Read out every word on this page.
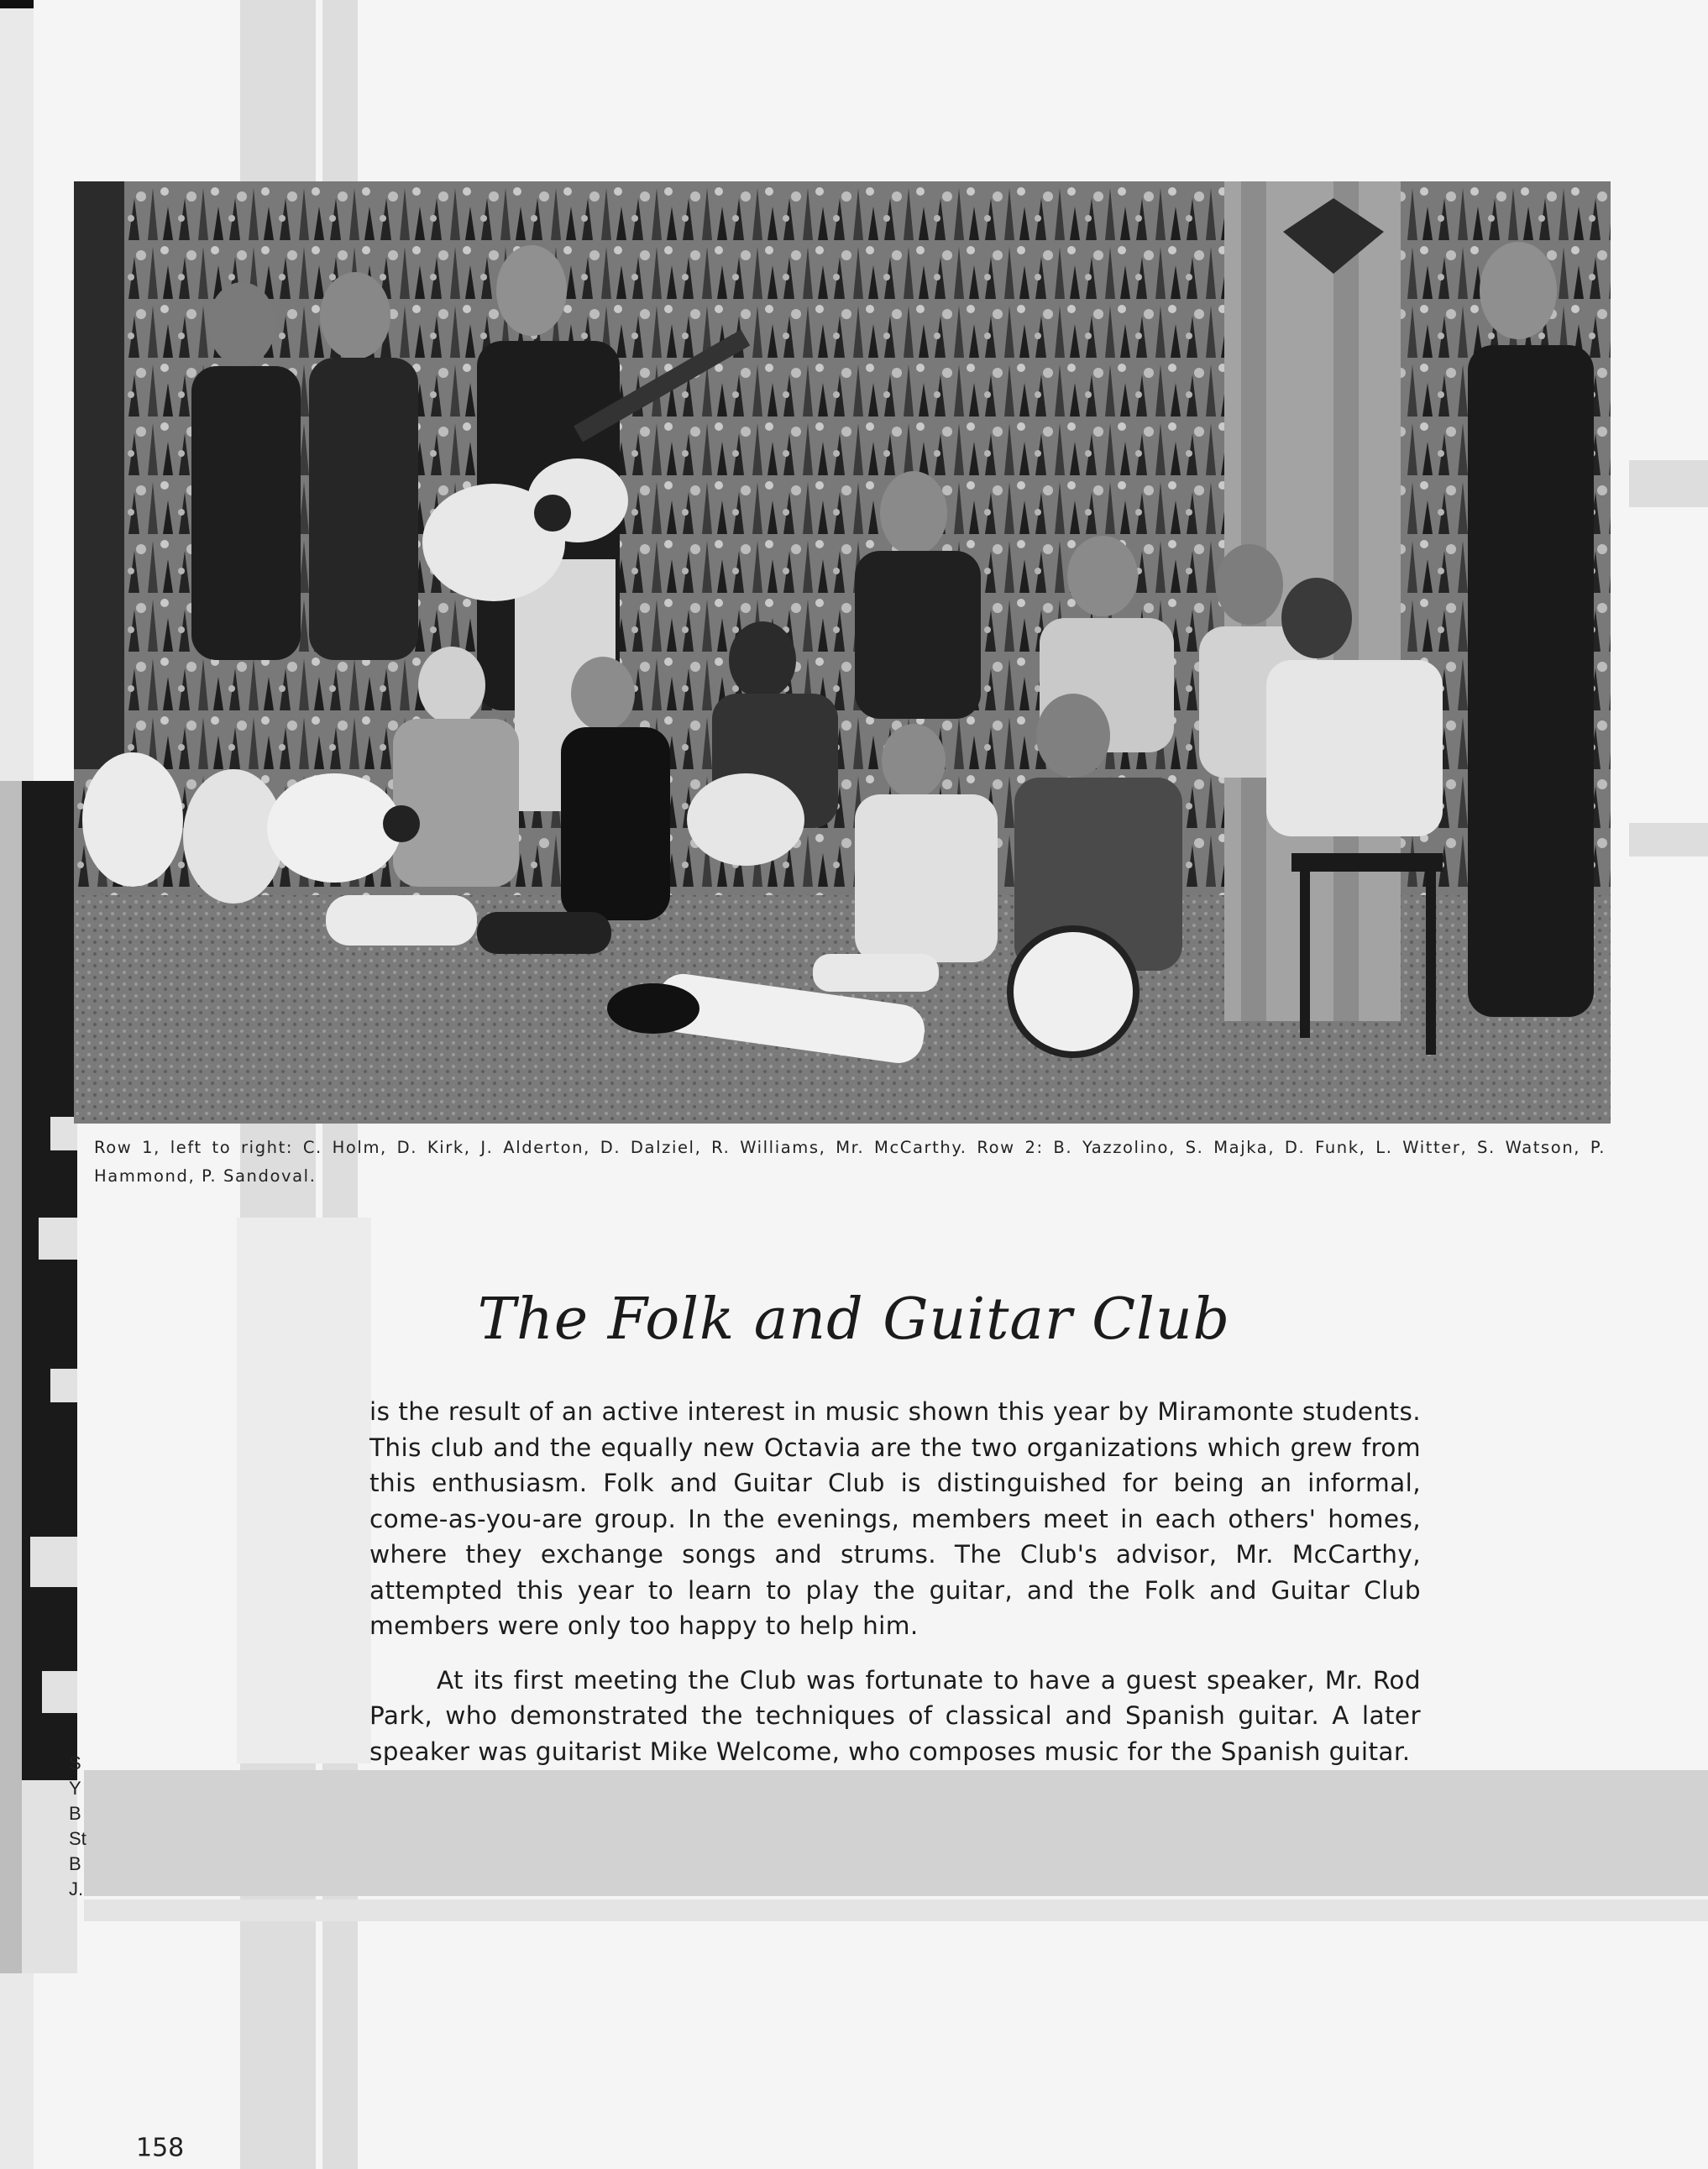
S
Y
B
St
B
J.
Row 1, left to right: C. Holm, D. Kirk, J. Alderton, D. Dalziel, R. Williams, Mr. McCarthy. Row 2: B. Yazzolino, S. Majka, D. Funk, L. Witter, S. Watson, P. Hammond, P. Sandoval.
The Folk and Guitar Club

is the result of an active interest in music shown this year by Miramonte students. This club and the equally new Octavia are the two organizations which grew from this enthusiasm. Folk and Guitar Club is distinguished for being an informal, come-as-you-are group. In the evenings, members meet in each others' homes, where they exchange songs and strums. The Club's advisor, Mr. McCarthy, attempted this year to learn to play the guitar, and the Folk and Guitar Club members were only too happy to help him.

At its first meeting the Club was fortunate to have a guest speaker, Mr. Rod Park, who demonstrated the techniques of classical and Spanish guitar. A later speaker was guitarist Mike Welcome, who composes music for the Spanish guitar.

158
